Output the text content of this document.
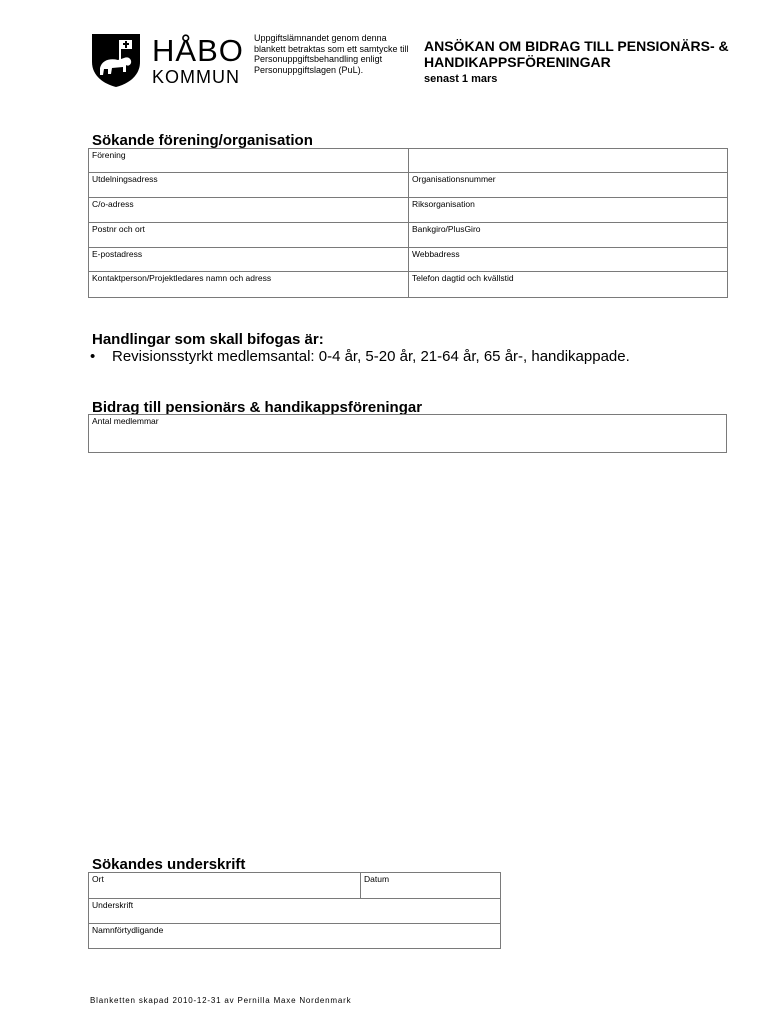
HÅBO
KOMMUN
Uppgiftslämnandet genom denna blankett betraktas som ett samtycke till Personuppgiftsbehandling enligt Personuppgiftslagen (PuL).
ANSÖKAN OM BIDRAG TILL PENSIONÄRS- &
HANDIKAPPSFÖRENINGAR
senast 1 mars
Sökande förening/organisation
Förening	
Utdelningsadress	Organisationsnummer
C/o-adress	Riksorganisation
Postnr och ort	Bankgiro/PlusGiro
E-postadress	Webbadress
Kontaktperson/Projektledares namn och adress	Telefon dagtid och kvällstid
Handlingar som skall bifogas är:
• Revisionsstyrkt medlemsantal: 0-4 år, 5-20 år, 21-64 år, 65 år-, handikappade.
Bidrag till pensionärs & handikappsföreningar
Antal medlemmar
Sökandes underskrift
Ort	Datum
Underskrift
Namnförtydligande
Blanketten skapad 2010-12-31 av Pernilla Maxe Nordenmark
